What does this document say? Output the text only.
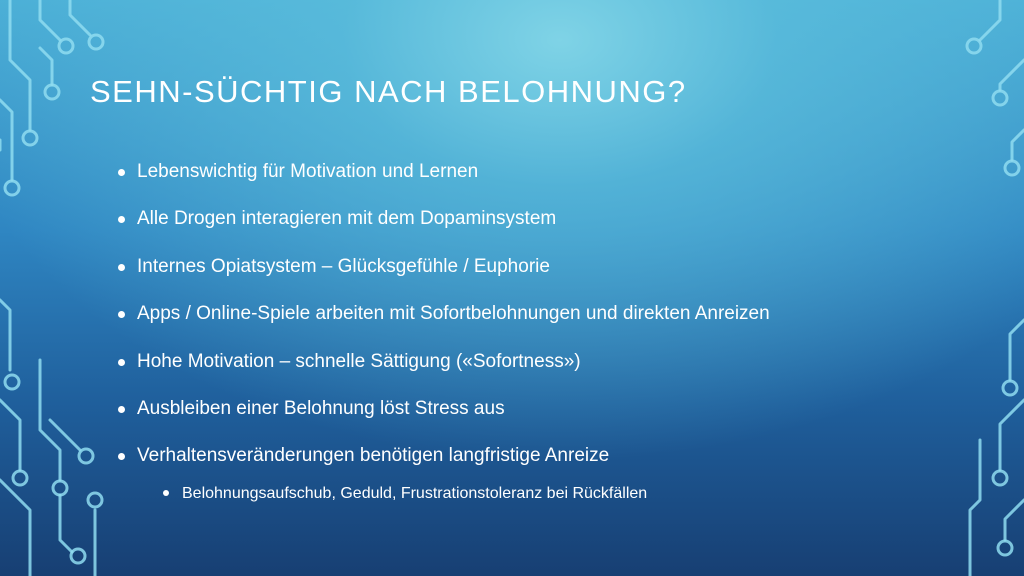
SEHN-SÜCHTIG NACH BELOHNUNG?
Lebenswichtig für Motivation und Lernen
Alle Drogen interagieren mit dem Dopaminsystem
Internes Opiatsystem – Glücksgefühle / Euphorie
Apps / Online-Spiele arbeiten mit Sofortbelohnungen und direkten Anreizen
Hohe Motivation – schnelle Sättigung («Sofortness»)
Ausbleiben einer Belohnung löst Stress aus
Verhaltensveränderungen benötigen langfristige Anreize
Belohnungsaufschub, Geduld, Frustrationstoleranz bei Rückfällen
